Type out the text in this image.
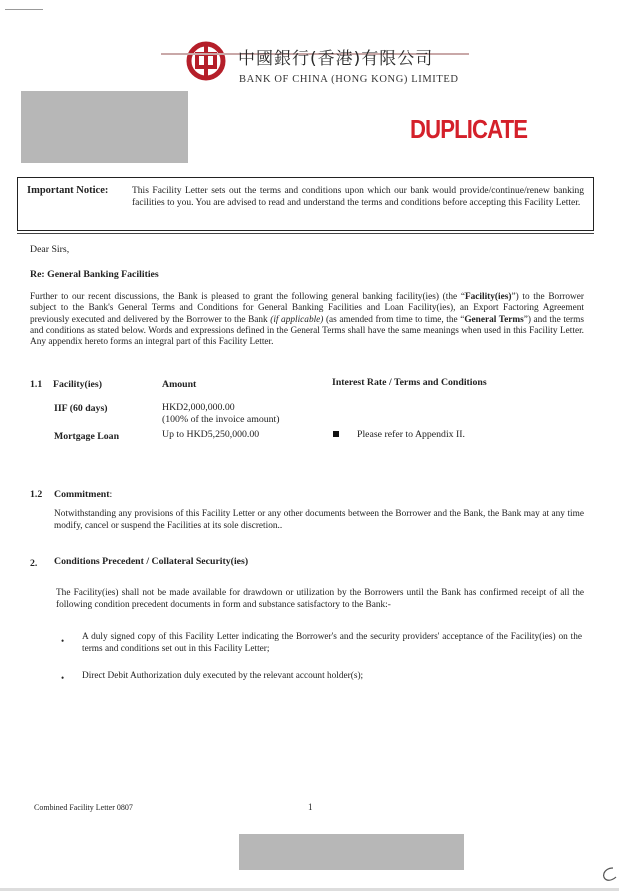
中國銀行(香港)有限公司
BANK OF CHINA (HONG KONG) LIMITED
DUPLICATE
Important Notice: This Facility Letter sets out the terms and conditions upon which our bank would provide/continue/renew banking facilities to you. You are advised to read and understand the terms and conditions before accepting this Facility Letter.
Dear Sirs,
Re: General Banking Facilities
Further to our recent discussions, the Bank is pleased to grant the following general banking facility(ies) (the “Facility(ies)”) to the Borrower subject to the Bank's General Terms and Conditions for General Banking Facilities and Loan Facility(ies), an Export Factoring Agreement previously executed and delivered by the Borrower to the Bank (if applicable) (as amended from time to time, the “General Terms”) and the terms and conditions as stated below. Words and expressions defined in the General Terms shall have the same meanings when used in this Facility Letter. Any appendix hereto forms an integral part of this Facility Letter.
1.1 Facility(ies)	Amount	Interest Rate / Terms and Conditions
IIF (60 days)	HKD2,000,000.00
(100% of the invoice amount)
Mortgage Loan	Up to HKD5,250,000.00	Please refer to Appendix II.
1.2 Commitment:
Notwithstanding any provisions of this Facility Letter or any other documents between the Borrower and the Bank, the Bank may at any time modify, cancel or suspend the Facilities at its sole discretion..
2. Conditions Precedent / Collateral Security(ies)
The Facility(ies) shall not be made available for drawdown or utilization by the Borrowers until the Bank has confirmed receipt of all the following condition precedent documents in form and substance satisfactory to the Bank:-
• A duly signed copy of this Facility Letter indicating the Borrower's and the security providers' acceptance of the Facility(ies) on the terms and conditions set out in this Facility Letter;
• Direct Debit Authorization duly executed by the relevant account holder(s);
Combined Facility Letter 0807	1
